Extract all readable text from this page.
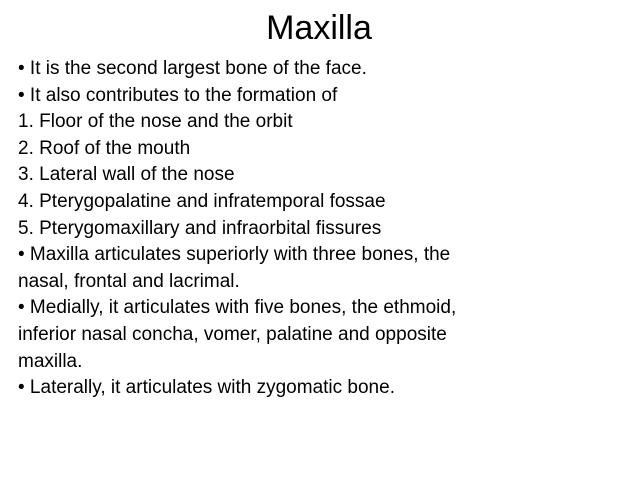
Maxilla
• It is the second largest bone of the face.
• It also contributes to the formation of
1. Floor of the nose and the orbit
2. Roof of the mouth
3. Lateral wall of the nose
4. Pterygopalatine and infratemporal fossae
5. Pterygomaxillary and infraorbital fissures
• Maxilla articulates superiorly with three bones, the
nasal, frontal and lacrimal.
• Medially, it articulates with five bones, the ethmoid,
inferior nasal concha, vomer, palatine and opposite
maxilla.
• Laterally, it articulates with zygomatic bone.
